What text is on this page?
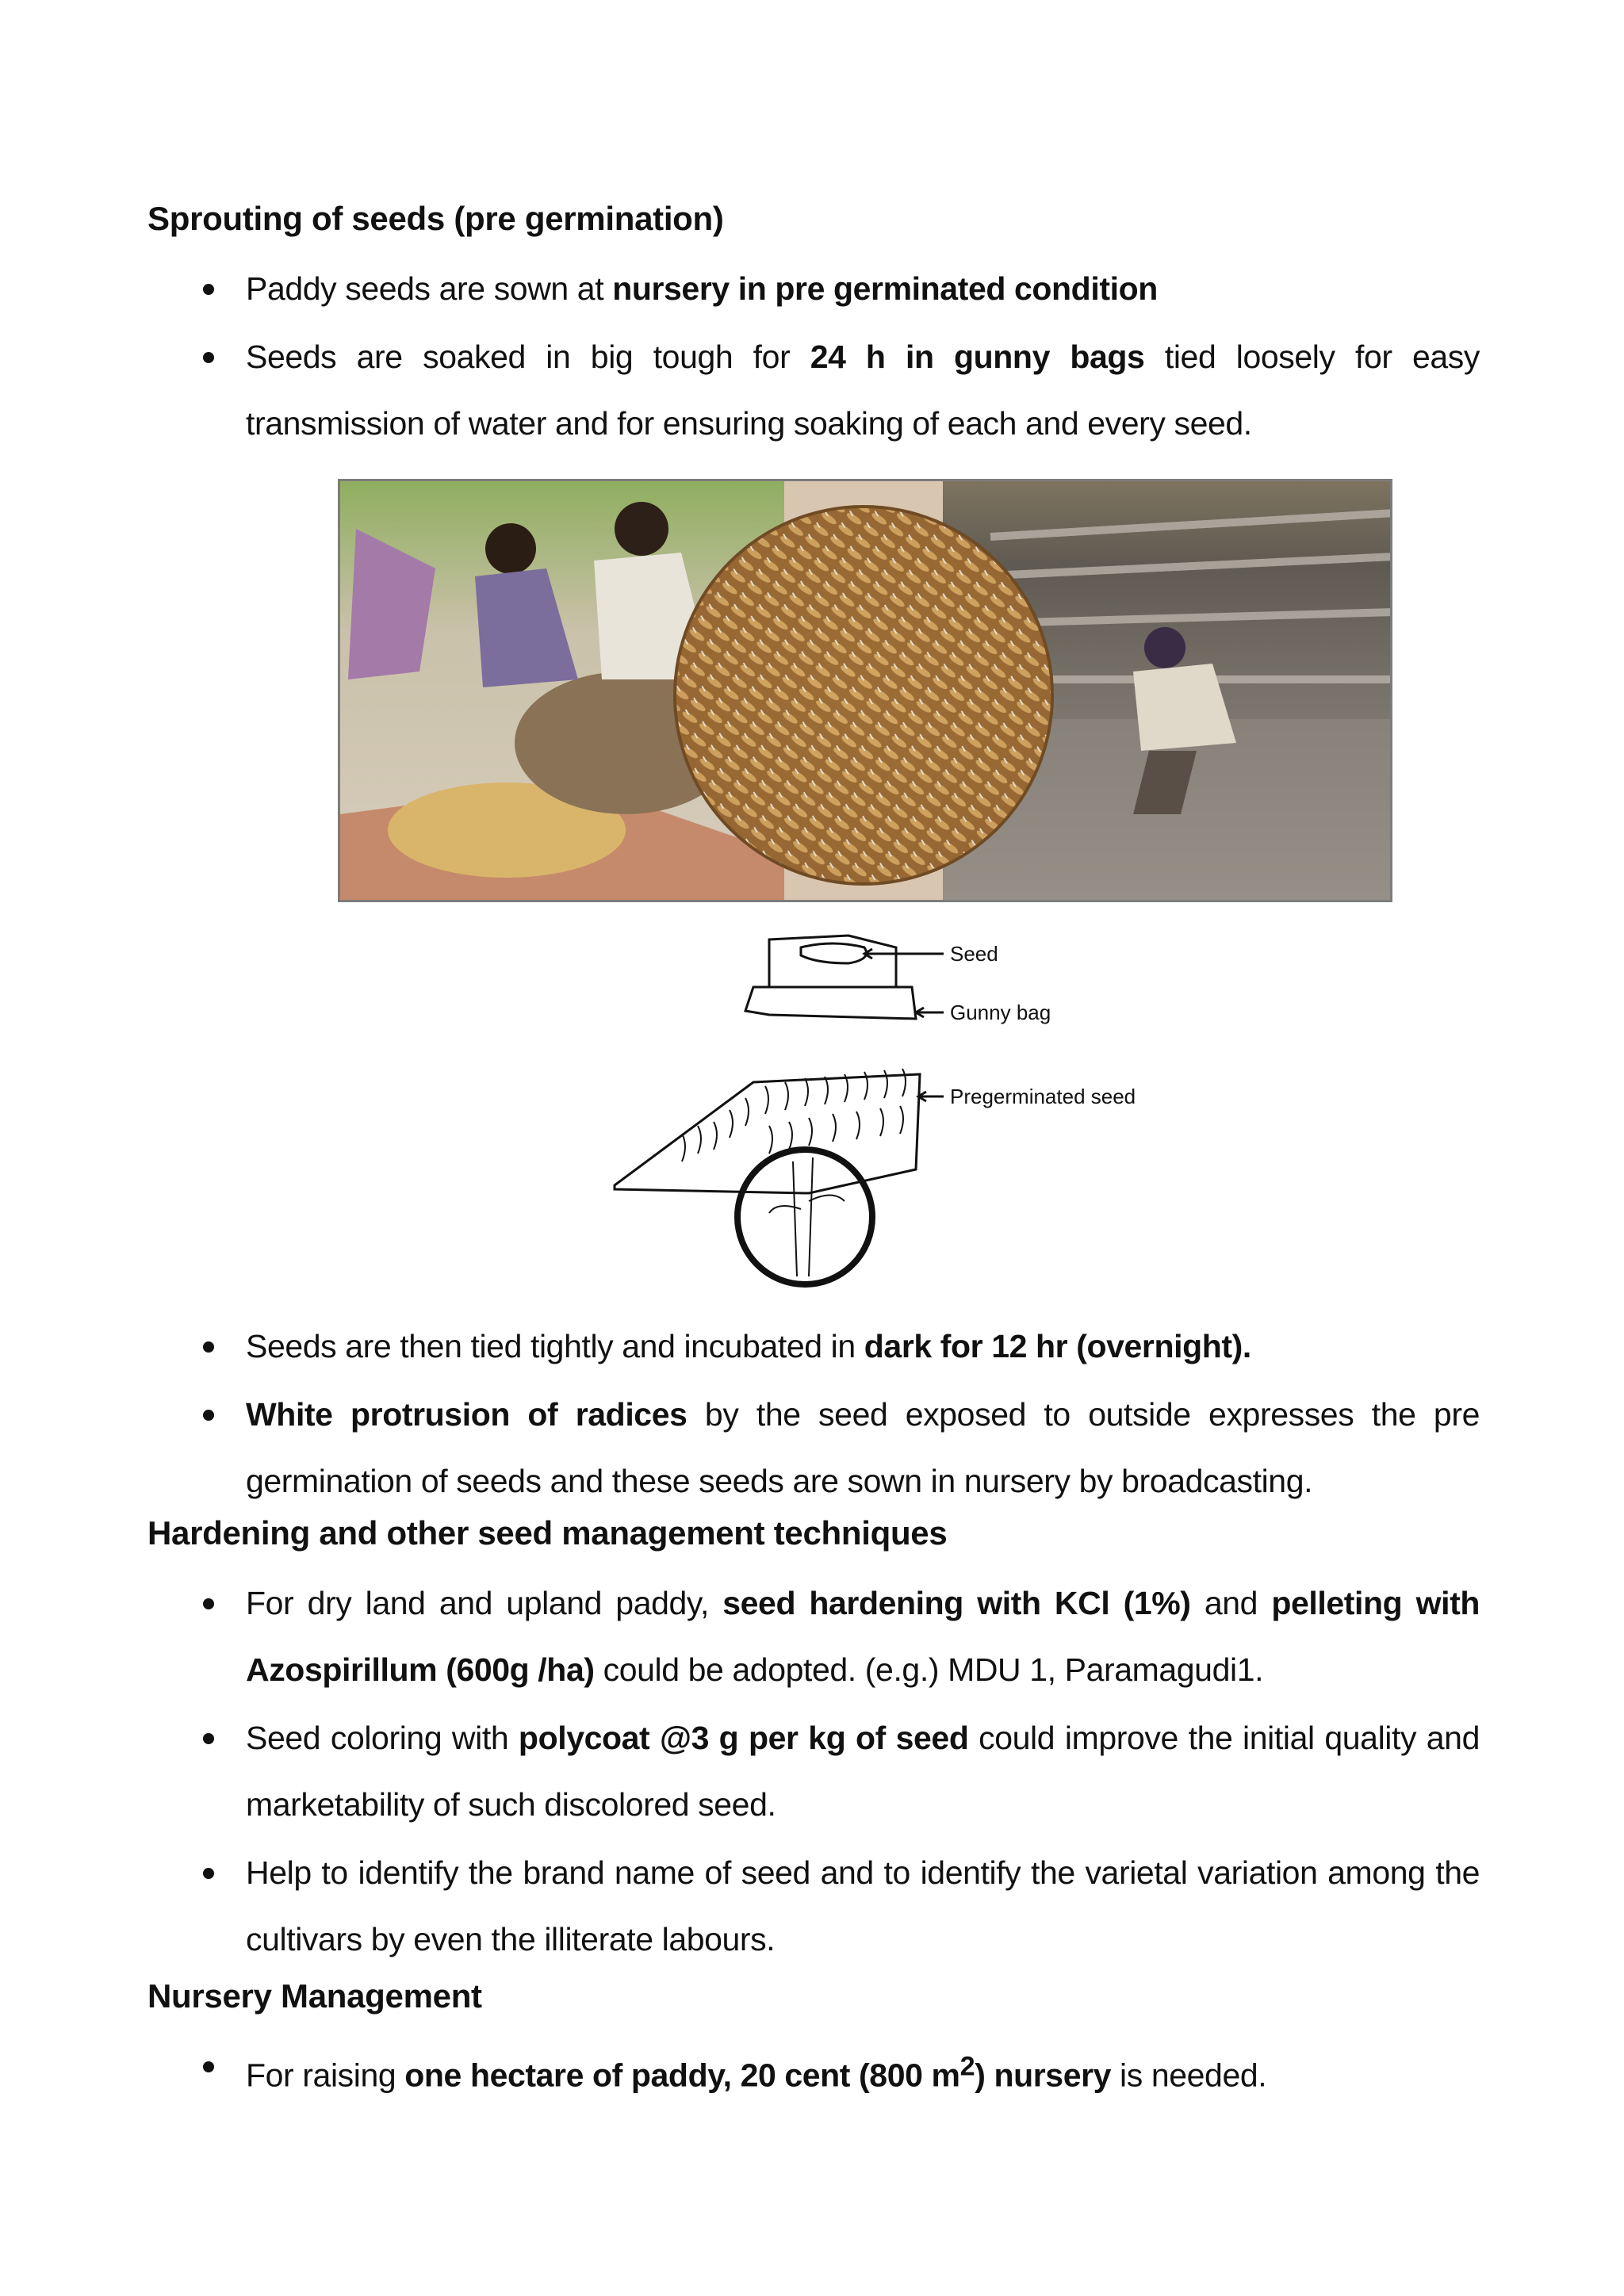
Sprouting of seeds (pre germination)
Paddy seeds are sown at nursery in pre germinated condition
Seeds are soaked in big tough for 24 h in gunny bags tied loosely for easy transmission of water and for ensuring soaking of each and every seed.
Seed
Gunny bag
Pregerminated seed
Seeds are then tied tightly and incubated in dark for 12 hr (overnight).
White protrusion of radices by the seed exposed to outside expresses the pre germination of seeds and these seeds are sown in nursery by broadcasting.
Hardening and other seed management techniques
For dry land and upland paddy, seed hardening with KCl (1%) and pelleting with Azospirillum (600g /ha) could be adopted. (e.g.) MDU 1, Paramagudi1.
Seed coloring with polycoat @3 g per kg of seed could improve the initial quality and marketability of such discolored seed.
Help to identify the brand name of seed and to identify the varietal variation among the cultivars by even the illiterate labours.
Nursery Management
For raising one hectare of paddy, 20 cent (800 $m^2$) nursery is needed.
